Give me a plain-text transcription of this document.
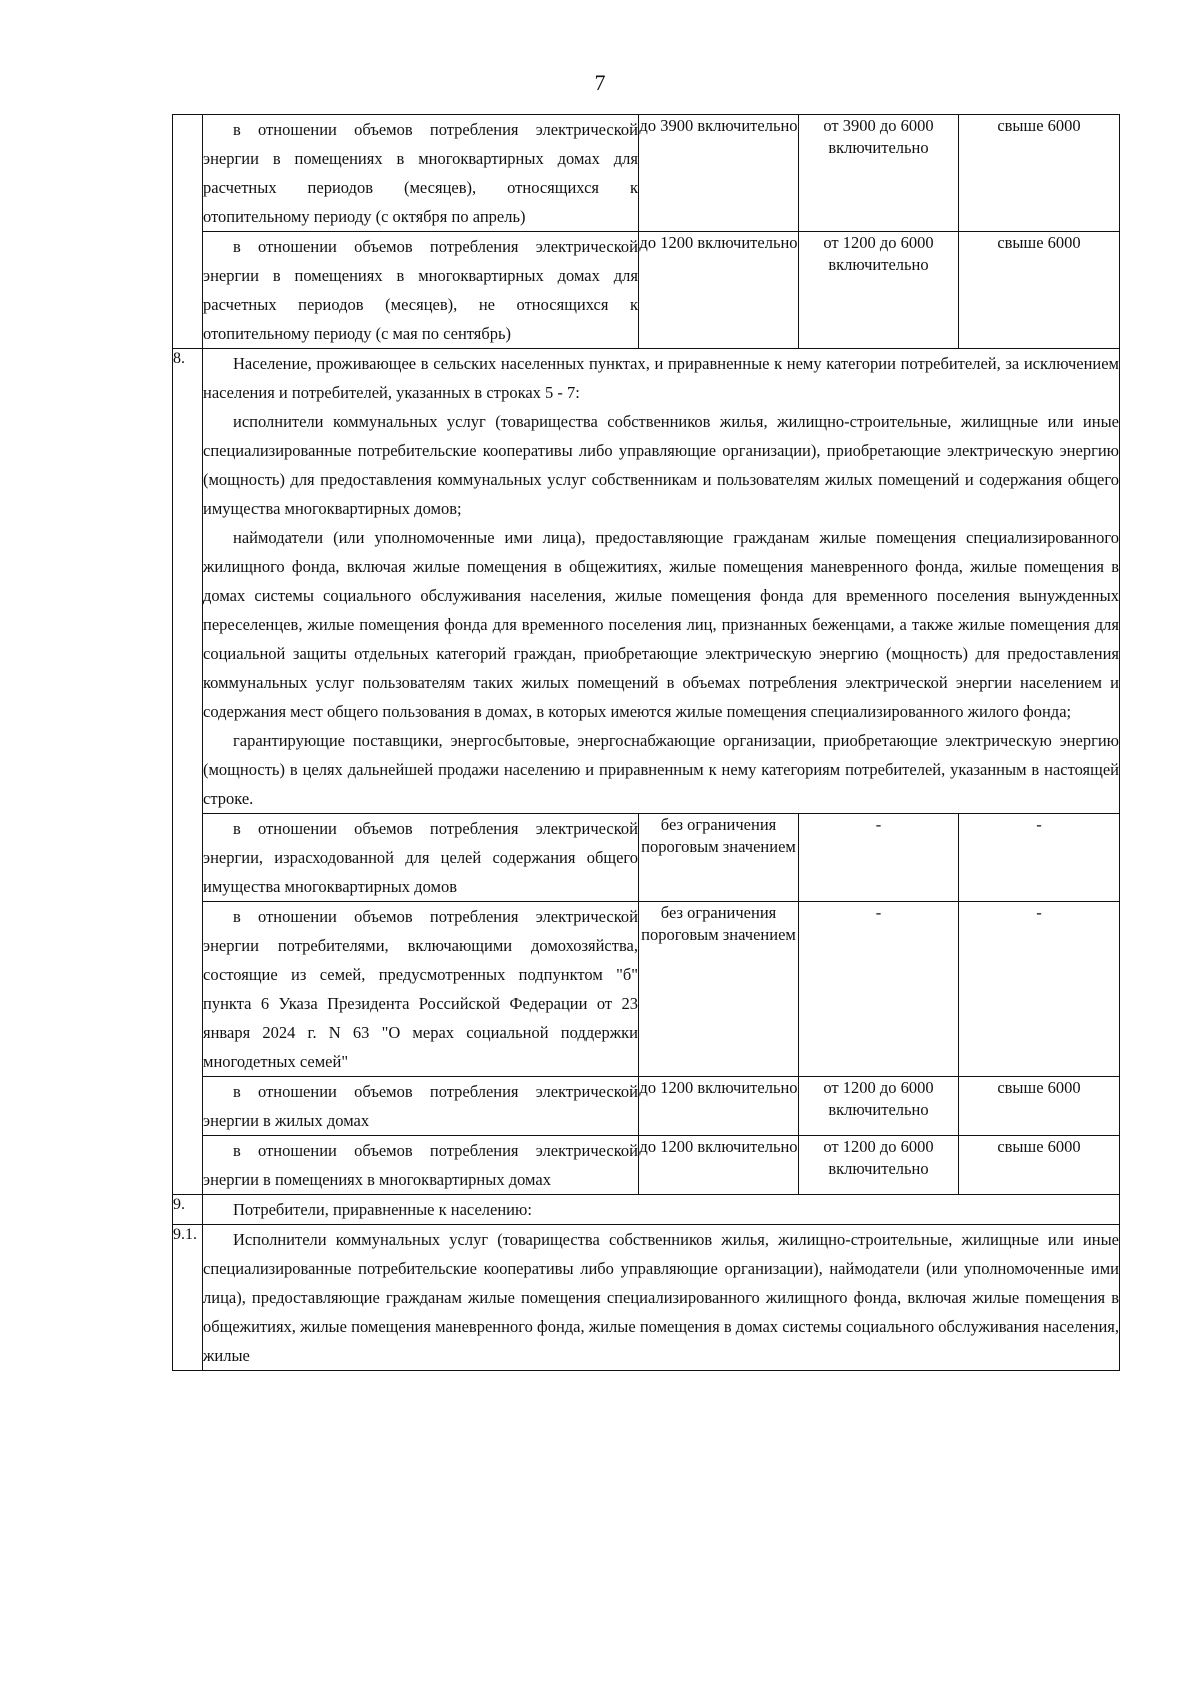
7

	в отношении объемов потребления электрической энергии в помещениях в многоквартирных домах для расчетных периодов (месяцев), относящихся к отопительному периоду (с октября по апрель)	до 3900 включительно	от 3900 до 6000 включительно	свыше 6000

	в отношении объемов потребления электрической энергии в помещениях в многоквартирных домах для расчетных периодов (месяцев), не относящихся к отопительному периоду (с мая по сентябрь)	до 1200 включительно	от 1200 до 6000 включительно	свыше 6000
8.	Население, проживающее в сельских населенных пунктах, и приравненные к нему категории потребителей, за исключением населения и потребителей, указанных в строках 5 - 7:

исполнители коммунальных услуг (товарищества собственников жилья, жилищно-строительные, жилищные или иные специализированные потребительские кооперативы либо управляющие организации), приобретающие электрическую энергию (мощность) для предоставления коммунальных услуг собственникам и пользователям жилых помещений и содержания общего имущества многоквартирных домов;

наймодатели (или уполномоченные ими лица), предоставляющие гражданам жилые помещения специализированного жилищного фонда, включая жилые помещения в общежитиях, жилые помещения маневренного фонда, жилые помещения в домах системы социального обслуживания населения, жилые помещения фонда для временного поселения вынужденных переселенцев, жилые помещения фонда для временного поселения лиц, признанных беженцами, а также жилые помещения для социальной защиты отдельных категорий граждан, приобретающие электрическую энергию (мощность) для предоставления коммунальных услуг пользователям таких жилых помещений в объемах потребления электрической энергии населением и содержания мест общего пользования в домах, в которых имеются жилые помещения специализированного жилого фонда;

гарантирующие поставщики, энергосбытовые, энергоснабжающие организации, приобретающие электрическую энергию (мощность) в целях дальнейшей продажи населению и приравненным к нему категориям потребителей, указанным в настоящей строке.			

	в отношении объемов потребления электрической энергии, израсходованной для целей содержания общего имущества многоквартирных домов	без ограничения пороговым значением	-	-

	в отношении объемов потребления электрической энергии потребителями, включающими домохозяйства, состоящие из семей, предусмотренных подпунктом "б" пункта 6 Указа Президента Российской Федерации от 23 января 2024 г. N 63 "О мерах социальной поддержки многодетных семей"	без ограничения пороговым значением	-	-

	в отношении объемов потребления электрической энергии в жилых домах	до 1200 включительно	от 1200 до 6000 включительно	свыше 6000

	в отношении объемов потребления электрической энергии в помещениях в многоквартирных домах	до 1200 включительно	от 1200 до 6000 включительно	свыше 6000
9.	Потребители, приравненные к населению:			

9.1.	Исполнители коммунальных услуг (товарищества собственников жилья, жилищно-строительные, жилищные или иные специализированные потребительские кооперативы либо управляющие организации), наймодатели (или уполномоченные ими лица), предоставляющие гражданам жилые помещения специализированного жилищного фонда, включая жилые помещения в общежитиях, жилые помещения маневренного фонда, жилые помещения в домах системы социального обслуживания населения, жилые			
